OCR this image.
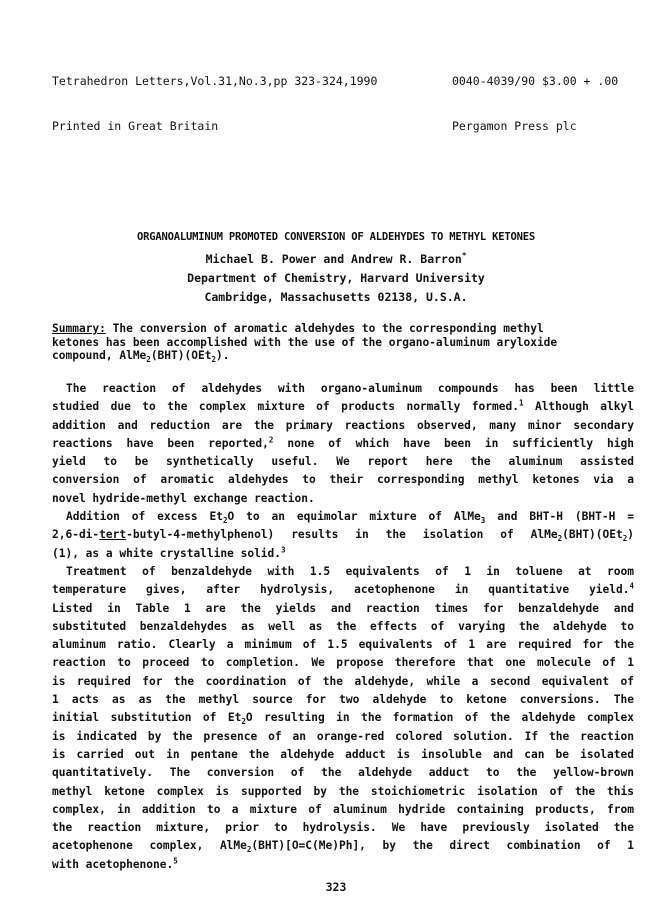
Tetrahedron Letters,Vol.31,No.3,pp 323-324,1990

Printed in Great Britain

0040-4039/90 $3.00 + .00

Pergamon Press plc

ORGANOALUMINUM PROMOTED CONVERSION OF ALDEHYDES TO METHYL KETONES
Michael B. Power and Andrew R. Barron*
Department of Chemistry, Harvard University
Cambridge, Massachusetts 02138, U.S.A.
Summary: The conversion of aromatic aldehydes to the corresponding methyl
ketones has been accomplished with the use of the organo-aluminum aryloxide
compound, AlMe$_2$(BHT)(OEt$_2$).
The reaction of aldehydes with organo-aluminum compounds has been little
studied due to the complex mixture of products normally formed.$^1$ Although alkyl
addition and reduction are the primary reactions observed, many minor secondary
reactions have been reported,$^2$ none of which have been in sufficiently high
yield to be synthetically useful. We report here the aluminum assisted
conversion of aromatic aldehydes to their corresponding methyl ketones via a
novel hydride-methyl exchange reaction.
Addition of excess $Et_2O$ to an equimolar mixture of AlMe$_3$ and BHT-H (BHT-H =
2,6-di-tert-butyl-4-methylphenol) results in the isolation of AlMe$_2$(BHT)(OEt$_2$)
(1), as a white crystalline solid.$^3$
Treatment of benzaldehyde with 1.5 equivalents of 1 in toluene at room
temperature gives, after hydrolysis, acetophenone in quantitative yield.$^4$
Listed in Table 1 are the yields and reaction times for benzaldehyde and
substituted benzaldehydes as well as the effects of varying the aldehyde to
aluminum ratio. Clearly a minimum of 1.5 equivalents of 1 are required for the
reaction to proceed to completion. We propose therefore that one molecule of 1
is required for the coordination of the aldehyde, while a second equivalent of
1 acts as as the methyl source for two aldehyde to ketone conversions. The
initial substitution of $Et_2O$ resulting in the formation of the aldehyde complex
is indicated by the presence of an orange-red colored solution. If the reaction
is carried out in pentane the aldehyde adduct is insoluble and can be isolated
quantitatively. The conversion of the aldehyde adduct to the yellow-brown
methyl ketone complex is supported by the stoichiometric isolation of the this
complex, in addition to a mixture of aluminum hydride containing products, from
the reaction mixture, prior to hydrolysis. We have previously isolated the
acetophenone complex, AlMe$_2$(BHT)[O=C(Me)Ph], by the direct combination of 1
with acetophenone.$^5$
323
